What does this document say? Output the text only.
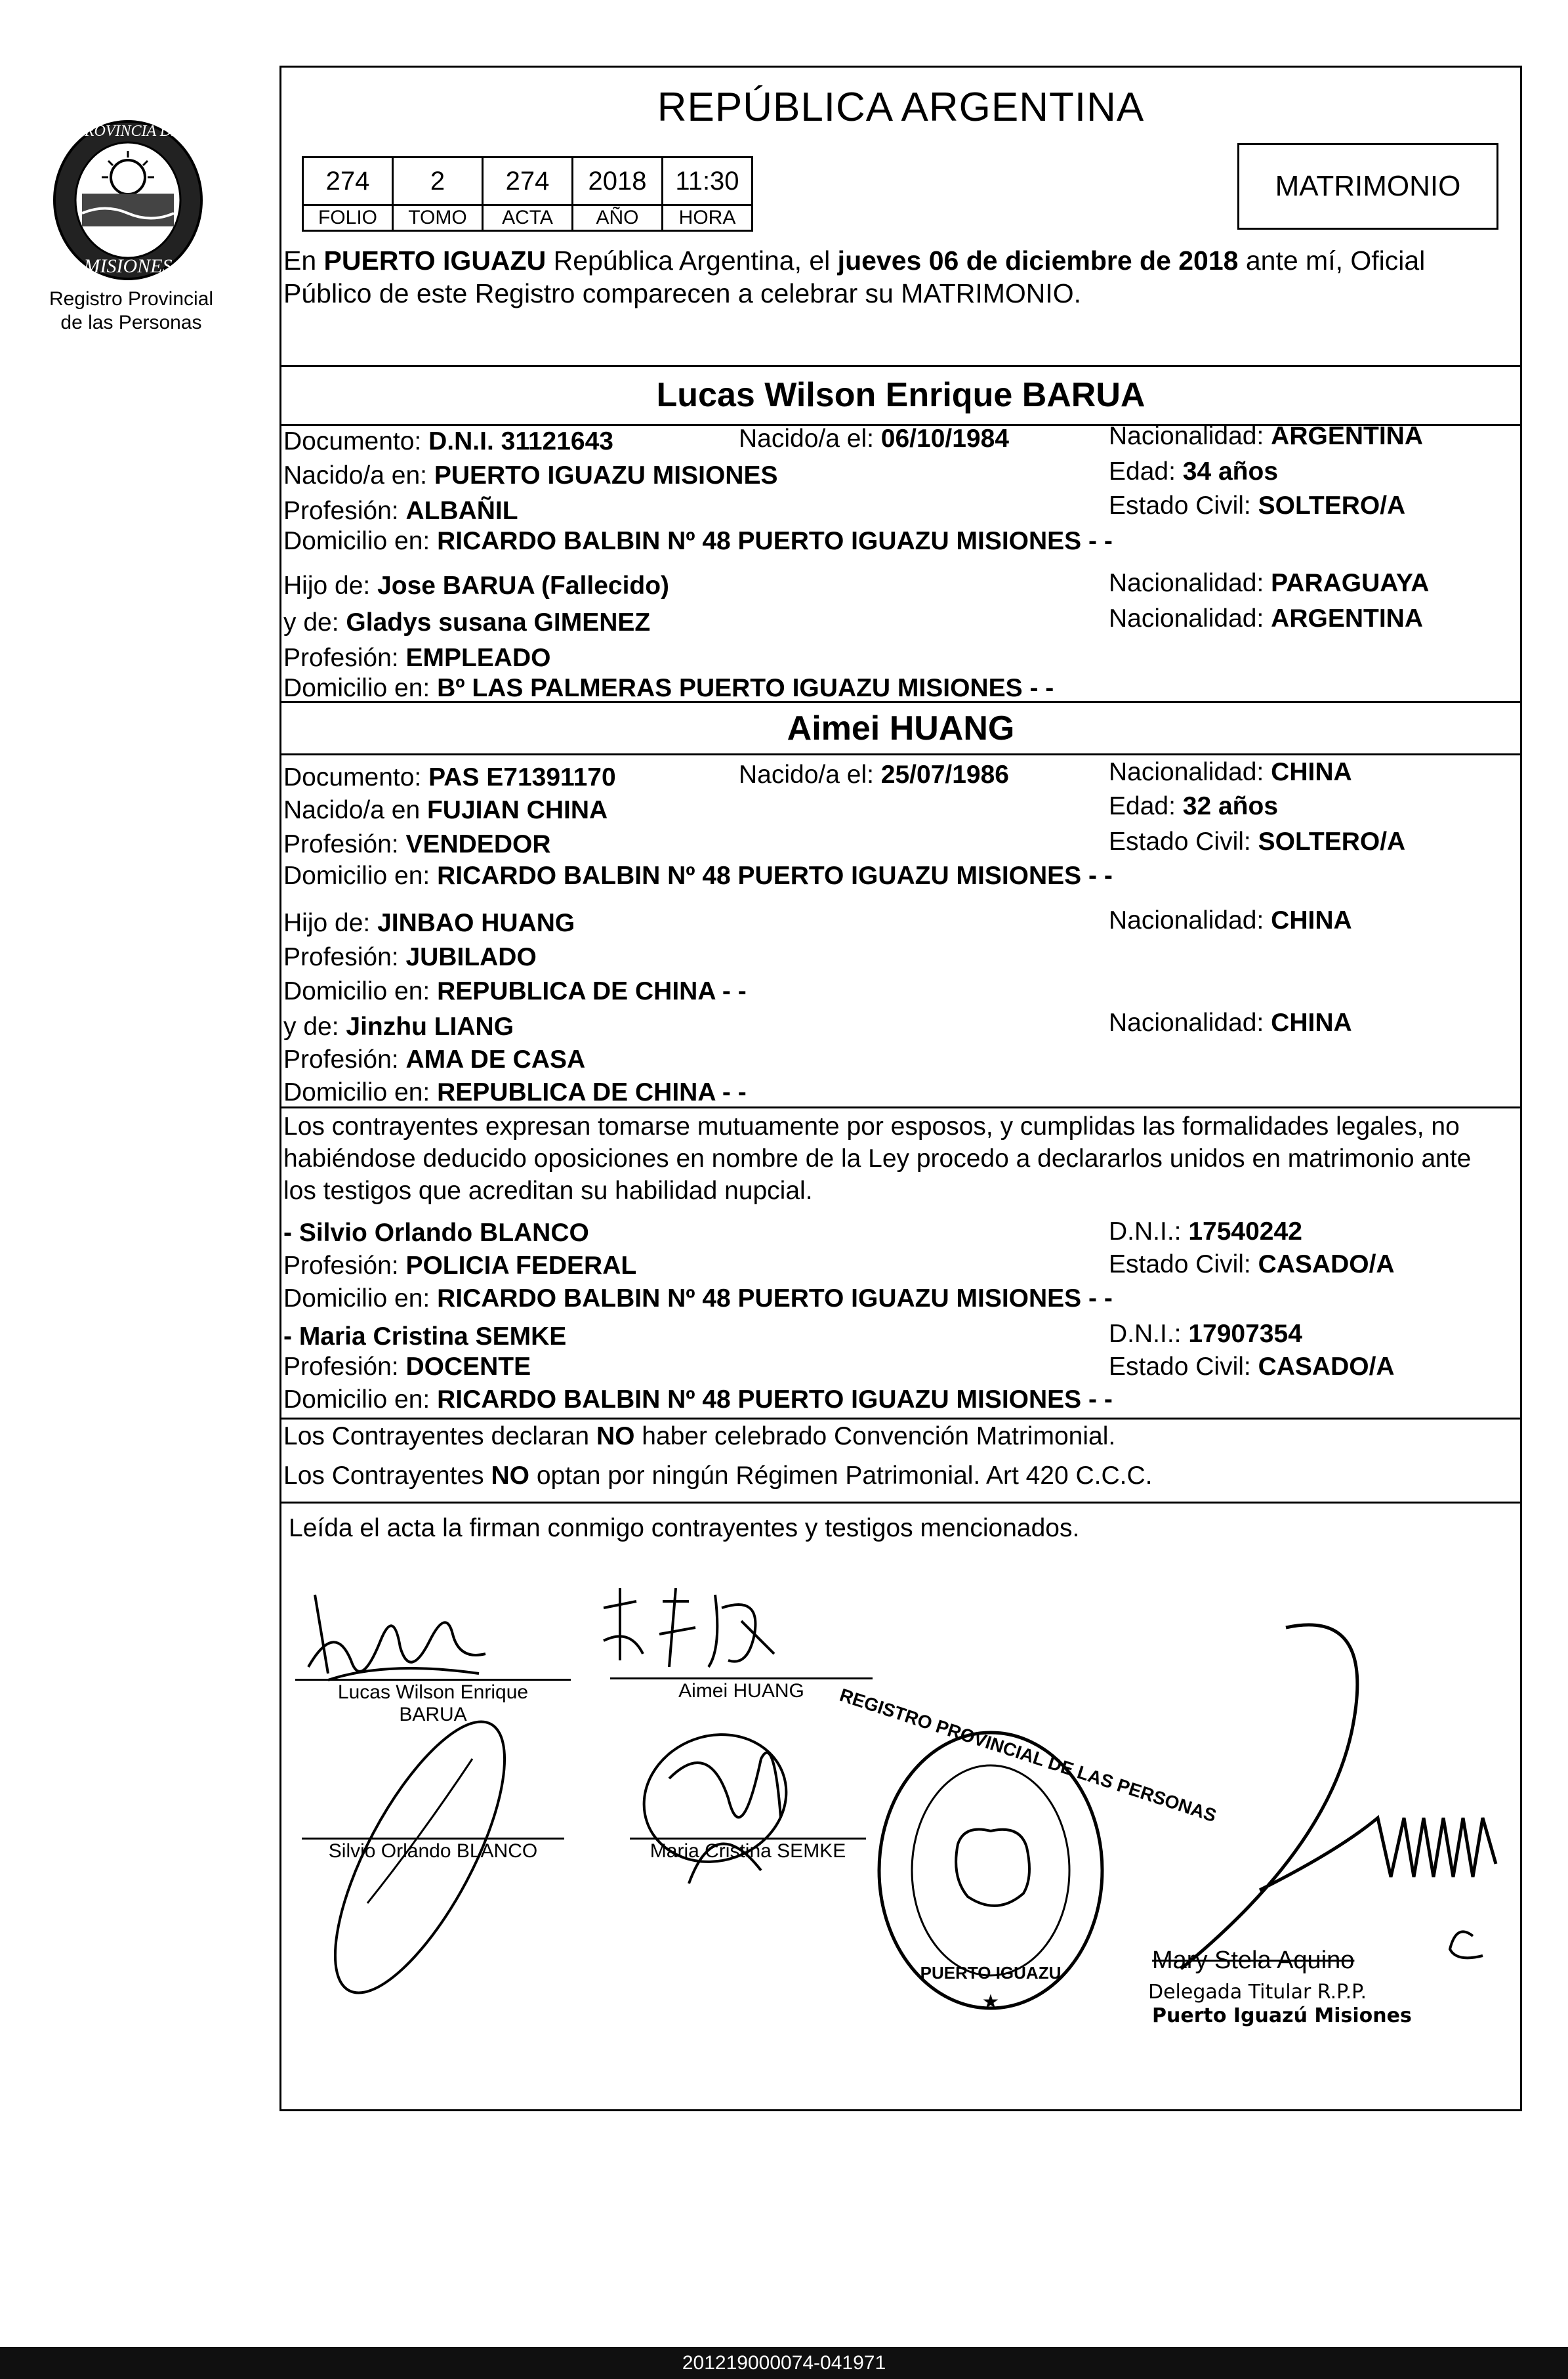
PROVINCIA DE
MISIONES
Registro Provincial
de las Personas
REPÚBLICA ARGENTINA
274	2	274	2018	11:30
FOLIO	TOMO	ACTA	AÑO	HORA
MATRIMONIO
En PUERTO IGUAZU República Argentina, el jueves 06 de diciembre de 2018 ante mí, Oficial
Público de este Registro comparecen a celebrar su MATRIMONIO.
Lucas Wilson Enrique BARUA
Documento: D.N.I. 31121643	Nacido/a el: 06/10/1984	Nacionalidad: ARGENTINA
Nacido/a en: PUERTO IGUAZU MISIONES	Edad: 34 años
Profesión: ALBAÑIL	Estado Civil: SOLTERO/A
Domicilio en: RICARDO BALBIN Nº 48 PUERTO IGUAZU MISIONES - -
Hijo de: Jose BARUA (Fallecido)	Nacionalidad: PARAGUAYA
y de: Gladys susana GIMENEZ	Nacionalidad: ARGENTINA
Profesión: EMPLEADO
Domicilio en: Bº LAS PALMERAS PUERTO IGUAZU MISIONES - -
Aimei HUANG
Documento: PAS E71391170	Nacido/a el: 25/07/1986	Nacionalidad: CHINA
Nacido/a en FUJIAN CHINA	Edad: 32 años
Profesión: VENDEDOR	Estado Civil: SOLTERO/A
Domicilio en: RICARDO BALBIN Nº 48 PUERTO IGUAZU MISIONES - -
Hijo de: JINBAO HUANG	Nacionalidad: CHINA
Profesión: JUBILADO
Domicilio en: REPUBLICA DE CHINA - -
y de: Jinzhu LIANG	Nacionalidad: CHINA
Profesión: AMA DE CASA
Domicilio en: REPUBLICA DE CHINA - -
Los contrayentes expresan tomarse mutuamente por esposos, y cumplidas las formalidades legales, no
habiéndose deducido oposiciones en nombre de la Ley procedo a declararlos unidos en matrimonio ante
los testigos que acreditan su habilidad nupcial.
- Silvio Orlando BLANCO	D.N.I.: 17540242
Profesión: POLICIA FEDERAL	Estado Civil: CASADO/A
Domicilio en: RICARDO BALBIN Nº 48 PUERTO IGUAZU MISIONES - -
- Maria Cristina SEMKE	D.N.I.: 17907354
Profesión: DOCENTE	Estado Civil: CASADO/A
Domicilio en: RICARDO BALBIN Nº 48 PUERTO IGUAZU MISIONES - -
Los Contrayentes declaran NO haber celebrado Convención Matrimonial.
Los Contrayentes NO optan por ningún Régimen Patrimonial. Art 420 C.C.C.
Leída el acta la firman conmigo contrayentes y testigos mencionados.
Lucas Wilson Enrique
BARUA
Aimei HUANG
Silvio Orlando BLANCO	Maria Cristina SEMKE
REGISTRO PROVINCIAL DE LAS PERSONAS
PUERTO IGUAZU
★
Mary Stela Aquino
Delegada Titular R.P.P.
Puerto Iguazú Misiones
201219000074-041971
